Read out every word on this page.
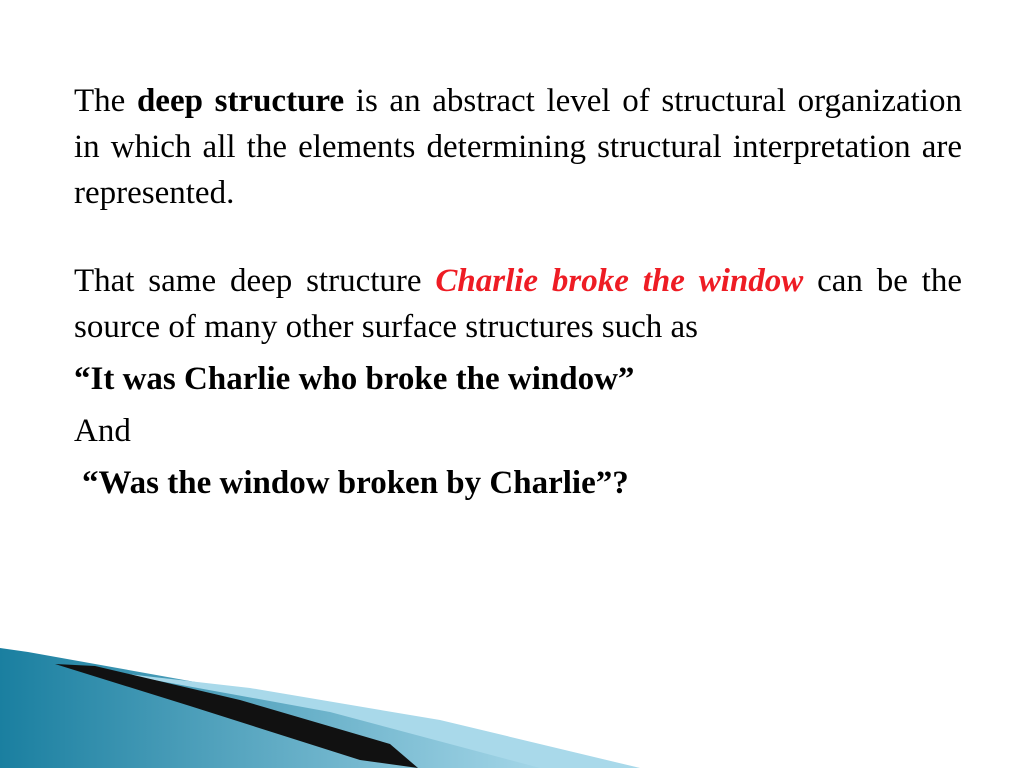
The deep structure is an abstract level of structural organization in which all the elements determining structural interpretation are represented.

That same deep structure Charlie broke the window can be the source of many other surface structures such as

“It was Charlie who broke the window”

And

“Was the window broken by Charlie”?
